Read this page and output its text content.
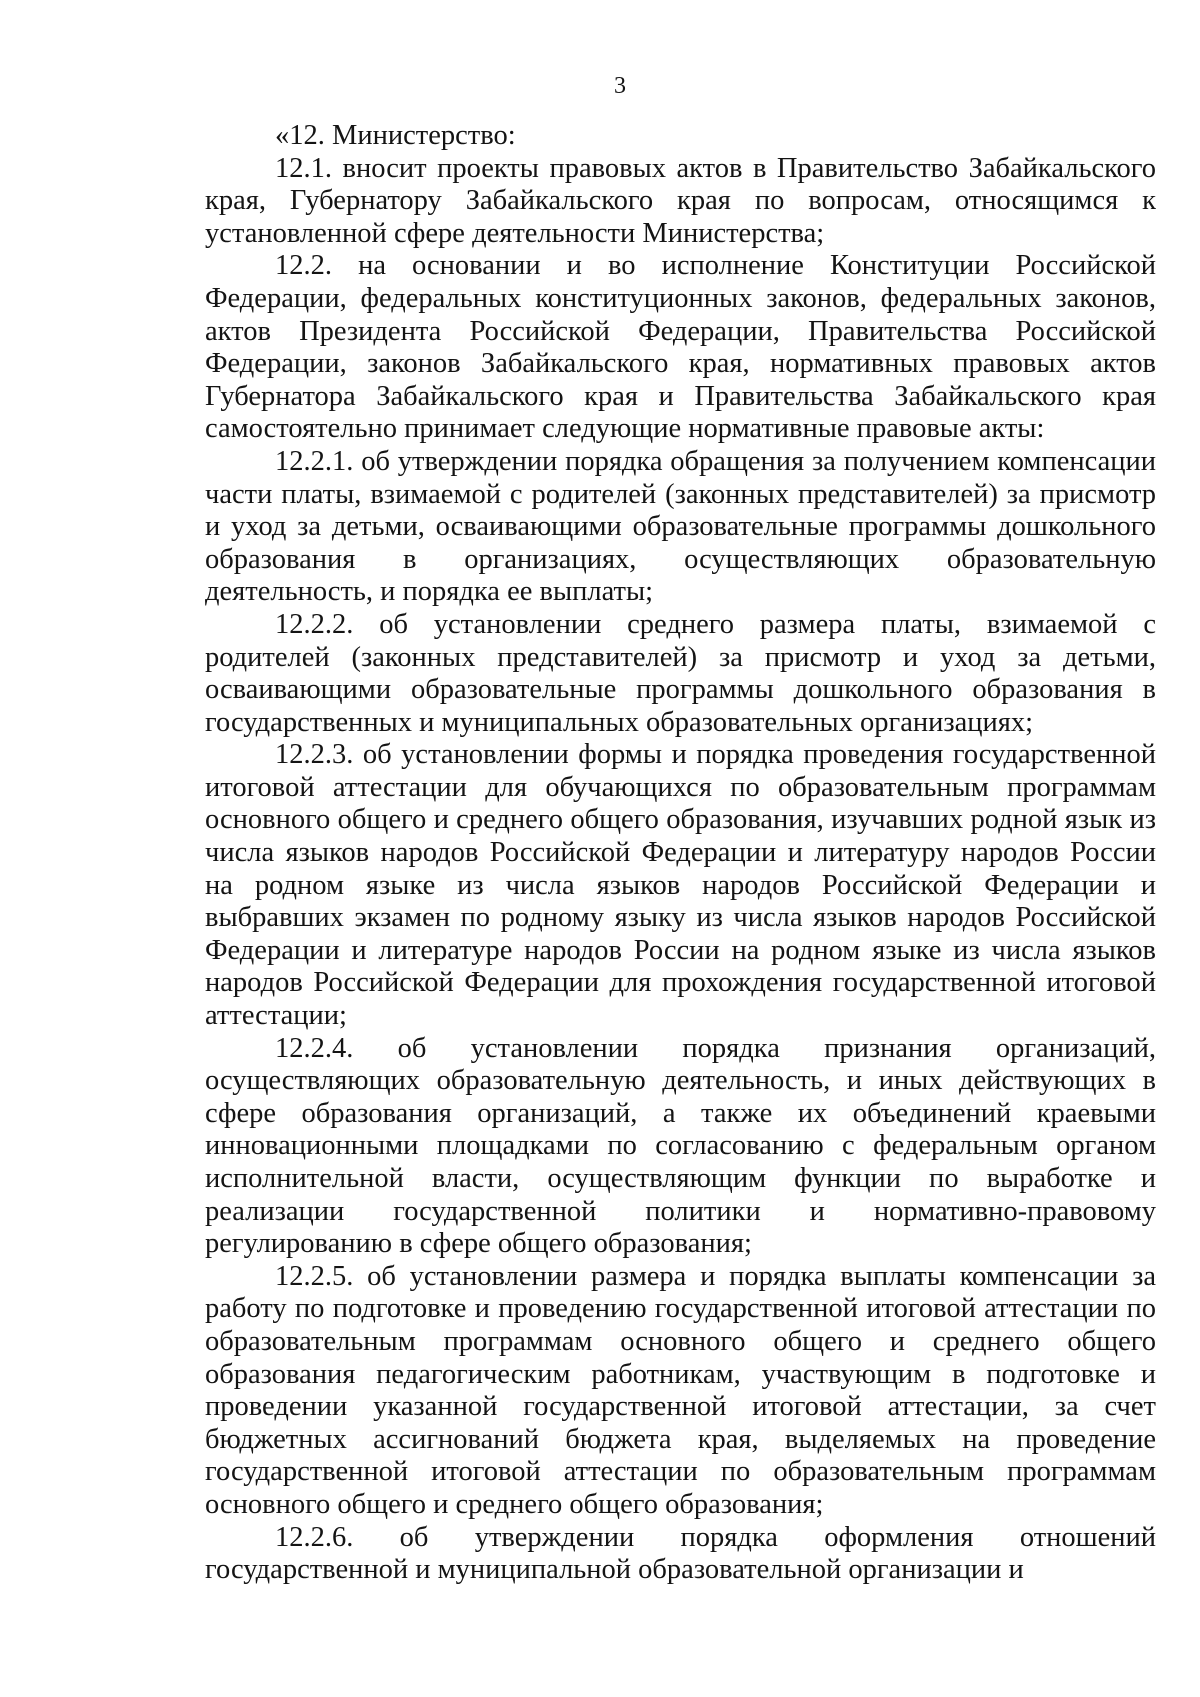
3

«12. Министерство:

12.1. вносит проекты правовых актов в Правительство Забайкальского края, Губернатору Забайкальского края по вопросам, относящимся к установленной сфере деятельности Министерства;

12.2. на основании и во исполнение Конституции Российской Федерации, федеральных конституционных законов, федеральных законов, актов Президента Российской Федерации, Правительства Российской Федерации, законов Забайкальского края, нормативных правовых актов Губернатора Забайкальского края и Правительства Забайкальского края самостоятельно принимает следующие нормативные правовые акты:

12.2.1. об утверждении порядка обращения за получением компенсации части платы, взимаемой с родителей (законных представителей) за присмотр и уход за детьми, осваивающими образовательные программы дошкольного образования в организациях, осуществляющих образовательную деятельность, и порядка ее выплаты;

12.2.2. об установлении среднего размера платы, взимаемой с родителей (законных представителей) за присмотр и уход за детьми, осваивающими образовательные программы дошкольного образования в государственных и муниципальных образовательных организациях;

12.2.3. об установлении формы и порядка проведения государственной итоговой аттестации для обучающихся по образовательным программам основного общего и среднего общего образования, изучавших родной язык из числа языков народов Российской Федерации и литературу народов России на родном языке из числа языков народов Российской Федерации и выбравших экзамен по родному языку из числа языков народов Российской Федерации и литературе народов России на родном языке из числа языков народов Российской Федерации для прохождения государственной итоговой аттестации;

12.2.4. об установлении порядка признания организаций, осуществляющих образовательную деятельность, и иных действующих в сфере образования организаций, а также их объединений краевыми инновационными площадками по согласованию с федеральным органом исполнительной власти, осуществляющим функции по выработке и реализации государственной политики и нормативно-правовому регулированию в сфере общего образования;

12.2.5. об установлении размера и порядка выплаты компенсации за работу по подготовке и проведению государственной итоговой аттестации по образовательным программам основного общего и среднего общего образования педагогическим работникам, участвующим в подготовке и проведении указанной государственной итоговой аттестации, за счет бюджетных ассигнований бюджета края, выделяемых на проведение государственной итоговой аттестации по образовательным программам основного общего и среднего общего образования;

12.2.6. об утверждении порядка оформления отношений государственной и муниципальной образовательной организации и
